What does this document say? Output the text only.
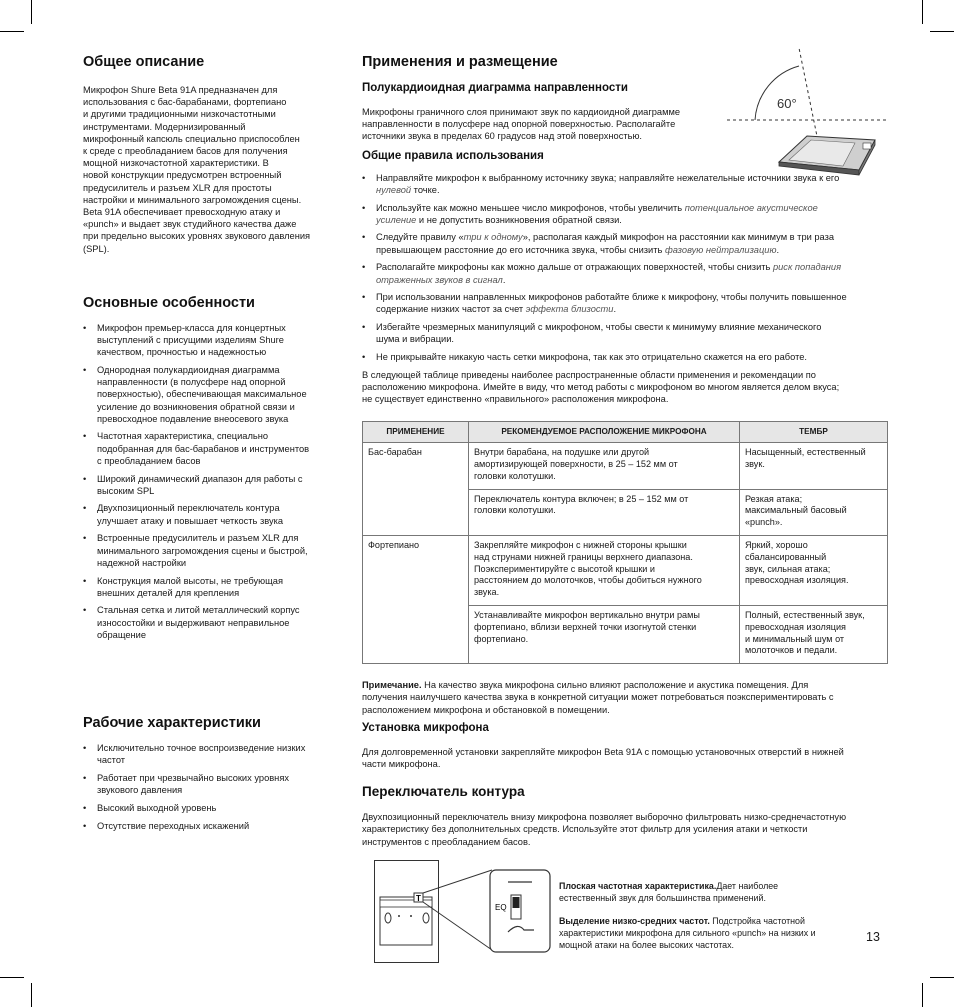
Общее описание
Микрофон Shure Beta 91A предназначен для
использования с бас-барабанами, фортепиано
и другими традиционными низкочастотными
инструментами. Модернизированный
микрофонный капсюль специально приспособлен
к среде с преобладанием басов для получения
мощной низкочастотной характеристики. В
новой конструкции предусмотрен встроенный
предусилитель и разъем XLR для простоты
настройки и минимального загромождения сцены.
Beta 91A обеспечивает превосходную атаку и
«punch» и выдает звук студийного качества даже
при предельно высоких уровнях звукового давления
(SPL).
Основные особенности
• Микрофон премьер-класса для концертных
выступлений с присущими изделиям Shure
качеством, прочностью и надежностью
• Однородная полукардиоидная диаграмма
направленности (в полусфере над опорной
поверхностью), обеспечивающая максимальное
усиление до возникновения обратной связи и
превосходное подавление внеосевого звука
• Частотная характеристика, специально
подобранная для бас-барабанов и инструментов
с преобладанием басов
• Широкий динамический диапазон для работы с
высоким SPL
• Двухпозиционный переключатель контура
улучшает атаку и повышает четкость звука
• Встроенные предусилитель и разъем XLR для
минимального загромождения сцены и быстрой,
надежной настройки
• Конструкция малой высоты, не требующая
внешних деталей для крепления
• Стальная сетка и литой металлический корпус
износостойки и выдерживают неправильное
обращение
Рабочие характеристики
• Исключительно точное воспроизведение низких
частот
• Работает при чрезвычайно высоких уровнях
звукового давления
• Высокий выходной уровень
• Отсутствие переходных искажений
Применения и размещение
Полукардиоидная диаграмма направленности
Микрофоны граничного слоя принимают звук по кардиоидной диаграмме
направленности в полусфере над опорной поверхностью. Располагайте
источники звука в пределах 60 градусов над этой поверхностью.
60°
Общие правила использования
• Направляйте микрофон к выбранному источнику звука; направляйте нежелательные источники звука к его
нулевой точке.
• Используйте как можно меньшее число микрофонов, чтобы увеличить потенциальное акустическое
усиление и не допустить возникновения обратной связи.
• Следуйте правилу «три к одному», располагая каждый микрофон на расстоянии как минимум в три раза
превышающем расстояние до его источника звука, чтобы снизить фазовую нейтрализацию.
• Располагайте микрофоны как можно дальше от отражающих поверхностей, чтобы снизить риск попадания
отраженных звуков в сигнал.
• При использовании направленных микрофонов работайте ближе к микрофону, чтобы получить повышенное
содержание низких частот за счет эффекта близости.
• Избегайте чрезмерных манипуляций с микрофоном, чтобы свести к минимуму влияние механического
шума и вибрации.
• Не прикрывайте никакую часть сетки микрофона, так как это отрицательно скажется на его работе.
В следующей таблице приведены наиболее распространенные области применения и рекомендации по
расположению микрофона. Имейте в виду, что метод работы с микрофоном во многом является делом вкуса;
не существует единственно «правильного» расположения микрофона.
ПРИМЕНЕНИЕ	РЕКОМЕНДУЕМОЕ РАСПОЛОЖЕНИЕ МИКРОФОНА	ТЕМБР
Бас-барабан	Внутри барабана, на подушке или другой
амортизирующей поверхности, в 25 – 152 мм от
головки колотушки.	Насыщенный, естественный
звук.
	Переключатель контура включен; в 25 – 152 мм от
головки колотушки.	Резкая атака;
максимальный басовый
«punch».
Фортепиано	Закрепляйте микрофон с нижней стороны крышки
над струнами нижней границы верхнего диапазона.
Поэкспериментируйте с высотой крышки и
расстоянием до молоточков, чтобы добиться нужного
звука.	Яркий, хорошо
сбалансированный
звук, сильная атака;
превосходная изоляция.
	Устанавливайте микрофон вертикально внутри рамы
фортепиано, вблизи верхней точки изогнутой стенки
фортепиано.	Полный, естественный звук,
превосходная изоляция
и минимальный шум от
молоточков и педали.

Примечание. На качество звука микрофона сильно влияют расположение и акустика помещения. Для
получения наилучшего качества звука в конкретной ситуации может потребоваться поэкспериментировать с
расположением микрофона и обстановкой в помещении.

Установка микрофона
Для долговременной установки закрепляйте микрофон Beta 91A с помощью установочных отверстий в нижней
части микрофона.
Переключатель контура
Двухпозиционный переключатель внизу микрофона позволяет выборочно фильтровать низко-среднечастотную
характеристику без дополнительных средств. Используйте этот фильтр для усиления атаки и четкости
инструментов с преобладанием басов.
T
EQ

Плоская частотная характеристика.Дает наиболее
естественный звук для большинства применений.

Выделение низко-средних частот. Подстройка частотной
характеристики микрофона для сильного «punch» на низких и
мощной атаки на более высоких частотах.

13
